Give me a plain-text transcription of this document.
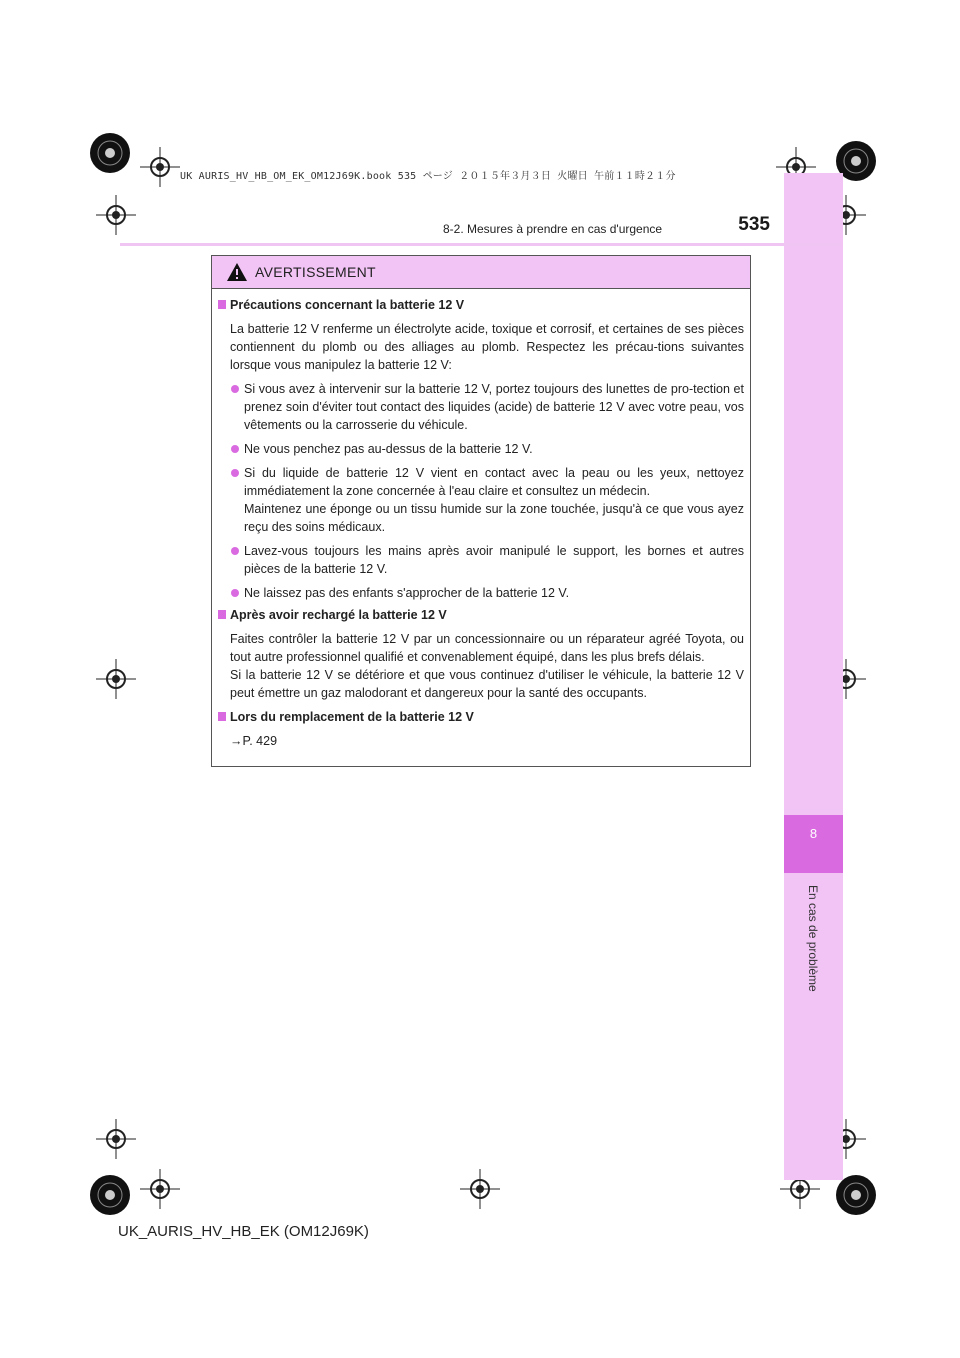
UK AURIS_HV_HB_OM_EK_OM12J69K.book 535 ページ ２０１５年３月３日 火曜日 午前１１時２１分
8
En cas de problème
8-2. Mesures à prendre en cas d'urgence	535
AVERTISSEMENT
Précautions concernant la batterie 12 V
La batterie 12 V renferme un électrolyte acide, toxique et corrosif, et certaines de ses pièces contiennent du plomb ou des alliages au plomb. Respectez les précau-tions suivantes lorsque vous manipulez la batterie 12 V:
Si vous avez à intervenir sur la batterie 12 V, portez toujours des lunettes de pro-tection et prenez soin d'éviter tout contact des liquides (acide) de batterie 12 V avec votre peau, vos vêtements ou la carrosserie du véhicule.
Ne vous penchez pas au-dessus de la batterie 12 V.
Si du liquide de batterie 12 V vient en contact avec la peau ou les yeux, nettoyez immédiatement la zone concernée à l'eau claire et consultez un médecin.
Maintenez une éponge ou un tissu humide sur la zone touchée, jusqu'à ce que vous ayez reçu des soins médicaux.
Lavez-vous toujours les mains après avoir manipulé le support, les bornes et autres pièces de la batterie 12 V.
Ne laissez pas des enfants s'approcher de la batterie 12 V.
Après avoir rechargé la batterie 12 V
Faites contrôler la batterie 12 V par un concessionnaire ou un réparateur agréé Toyota, ou tout autre professionnel qualifié et convenablement équipé, dans les plus brefs délais.
Si la batterie 12 V se détériore et que vous continuez d'utiliser le véhicule, la batterie 12 V peut émettre un gaz malodorant et dangereux pour la santé des occupants.
Lors du remplacement de la batterie 12 V
→P. 429
UK_AURIS_HV_HB_EK (OM12J69K)
